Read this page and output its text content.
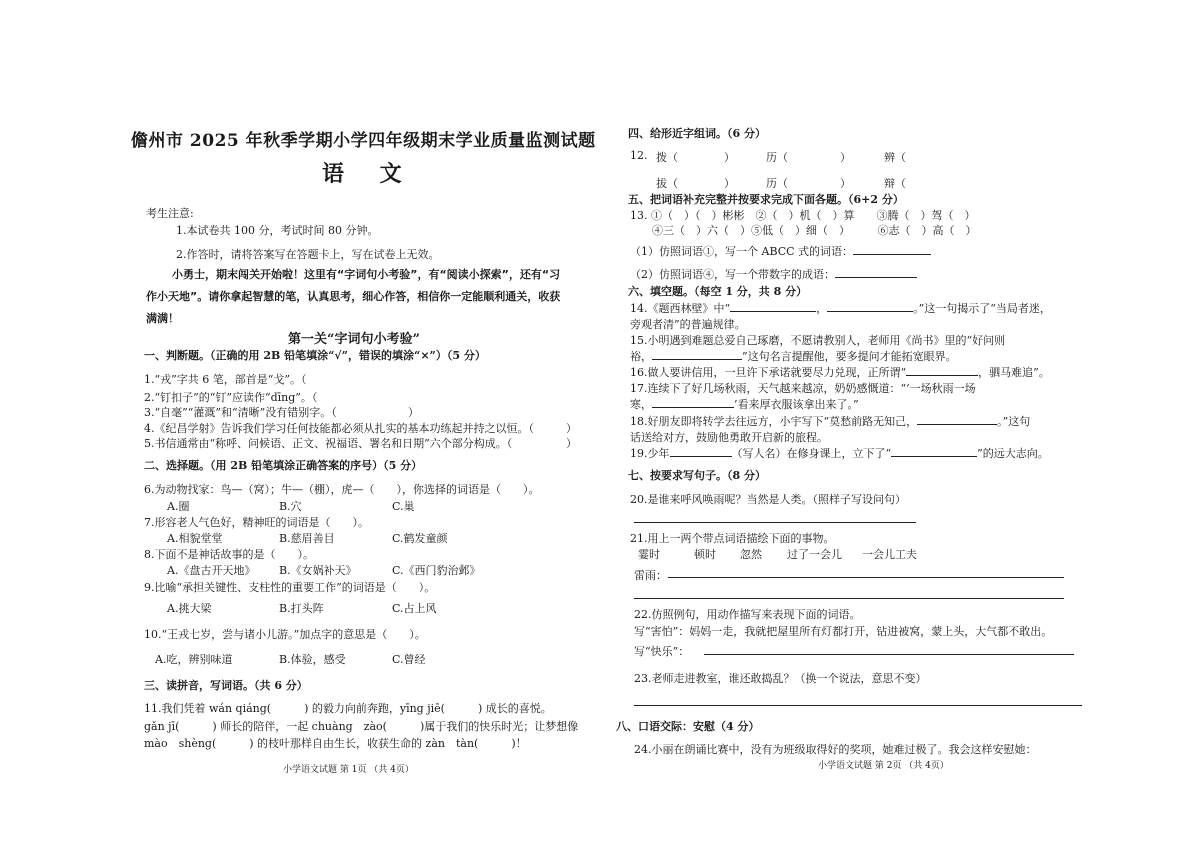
儋州市 2025 年秋季学期小学四年级期末学业质量监测试题
语 文
考生注意:
1.本试卷共 100 分，考试时间 80 分钟。
2.作答时，请将答案写在答题卡上，写在试卷上无效。
小勇士，期末闯关开始啦！这里有“字词句小考验”，有“阅读小探索”，还有“习
作小天地”。请你拿起智慧的笔，认真思考，细心作答，相信你一定能顺利通关，收获
满满！
第一关“字词句小考验”
一、判断题。（正确的用 2B 铅笔填涂“√”，错误的填涂“×”）（5 分）
1.“戎”字共 6 笔，部首是“戈”。（
2.“钉扣子”的“钉”应读作“dīng”。（
3.“自毫”“灌溉”和“清晰”没有错别字。（	）
4.《纪昌学射》告诉我们学习任何技能都必须从扎实的基本功练起并持之以恒。（	）
5.书信通常由“称呼、问候语、正文、祝福语、署名和日期”六个部分构成。（	）
二、选择题。（用 2B 铅笔填涂正确答案的序号）（5 分）
6.为动物找家：鸟—（窝）；牛—（棚），虎—（　　），你选择的词语是（　　）。
A.圈	B.穴	C.巢
7.形容老人气色好，精神旺的词语是（　　）。
A.相貌堂堂	B.慈眉善目	C.鹤发童颜
8.下面不是神话故事的是（　　）。
A.《盘古开天地》 B.《女娲补天》	C.《西门豹治邺》
9.比喻“承担关键性、支柱性的重要工作”的词语是（　　）。
A.挑大梁	B.打头阵	C.占上风
10.“王戎七岁，尝与诸小儿游。”加点字的意思是（　　）。
A.吃，辨别味道	B.体验，感受	C.曾经
三、读拼音，写词语。（共 6 分）
11.我们凭着 wán qiáng(　　　) 的毅力向前奔跑，yīng jiē(　　　) 成长的喜悦。
gǎn jī(　　　) 师长的陪伴，一起 chuàng　zào(　　　)属于我们的快乐时光；让梦想像
mào　shèng(　　　) 的枝叶那样自由生长，收获生命的 zàn　tàn(　　　)！
小学语文试题 第 1页 （共 4页）
四、给形近字组词。（6 分）
12. 拨（	）	历（	）	辨（
拔（	）	历（	）	辩（
五、把词语补充完整并按要求完成下面各题。（6+2 分）
13. ①（　）（　）彬彬　②（　）机（　）算　　③腾（　）驾（　）
④三（　）六（　）⑤低（　）细（　）　　　⑥志（　）高（　）
（1）仿照词语①，写一个 ABCC 式的词语：
（2）仿照词语④，写一个带数字的成语：
六、填空题。（每空 1 分，共 8 分）
14.《题西林壁》中“	，	。”这一句揭示了“当局者迷，
旁观者清”的普遍规律。
15.小明遇到难题总爱自己琢磨，不愿请教别人，老师用《尚书》里的“好问则
裕，	”这句名言提醒他，要多提问才能拓宽眼界。
16.做人要讲信用，一旦许下承诺就要尽力兑现，正所谓“	，驷马难追”。
17.连续下了好几场秋雨，天气越来越凉，奶奶感慨道：“‘一场秋雨一场
寒，	’看来厚衣服该拿出来了。”
18.好朋友即将转学去往远方，小宇写下“莫愁前路无知己，	。”这句
话送给对方，鼓励他勇敢开启新的旅程。
19.少年	（写人名）在修身课上，立下了“	”的远大志向。
七、按要求写句子。（8 分）
20.是谁来呼风唤雨呢？当然是人类。（照样子写设问句）
21.用上一两个带点词语描绘下面的事物。
霎时	顿时 忽然 过了一会儿 一会儿工夫
雷雨：
22.仿照例句，用动作描写来表现下面的词语。
写“害怕”：妈妈一走，我就把屋里所有灯都打开，钻进被窝，蒙上头，大气都不敢出。
写“快乐”：
23.老师走进教室，谁还敢捣乱？（换一个说法，意思不变）
八、口语交际：安慰（4 分）
24.小丽在朗诵比赛中，没有为班级取得好的奖项，她难过极了。我会这样安慰她：
小学语文试题 第 2页 （共 4页）
